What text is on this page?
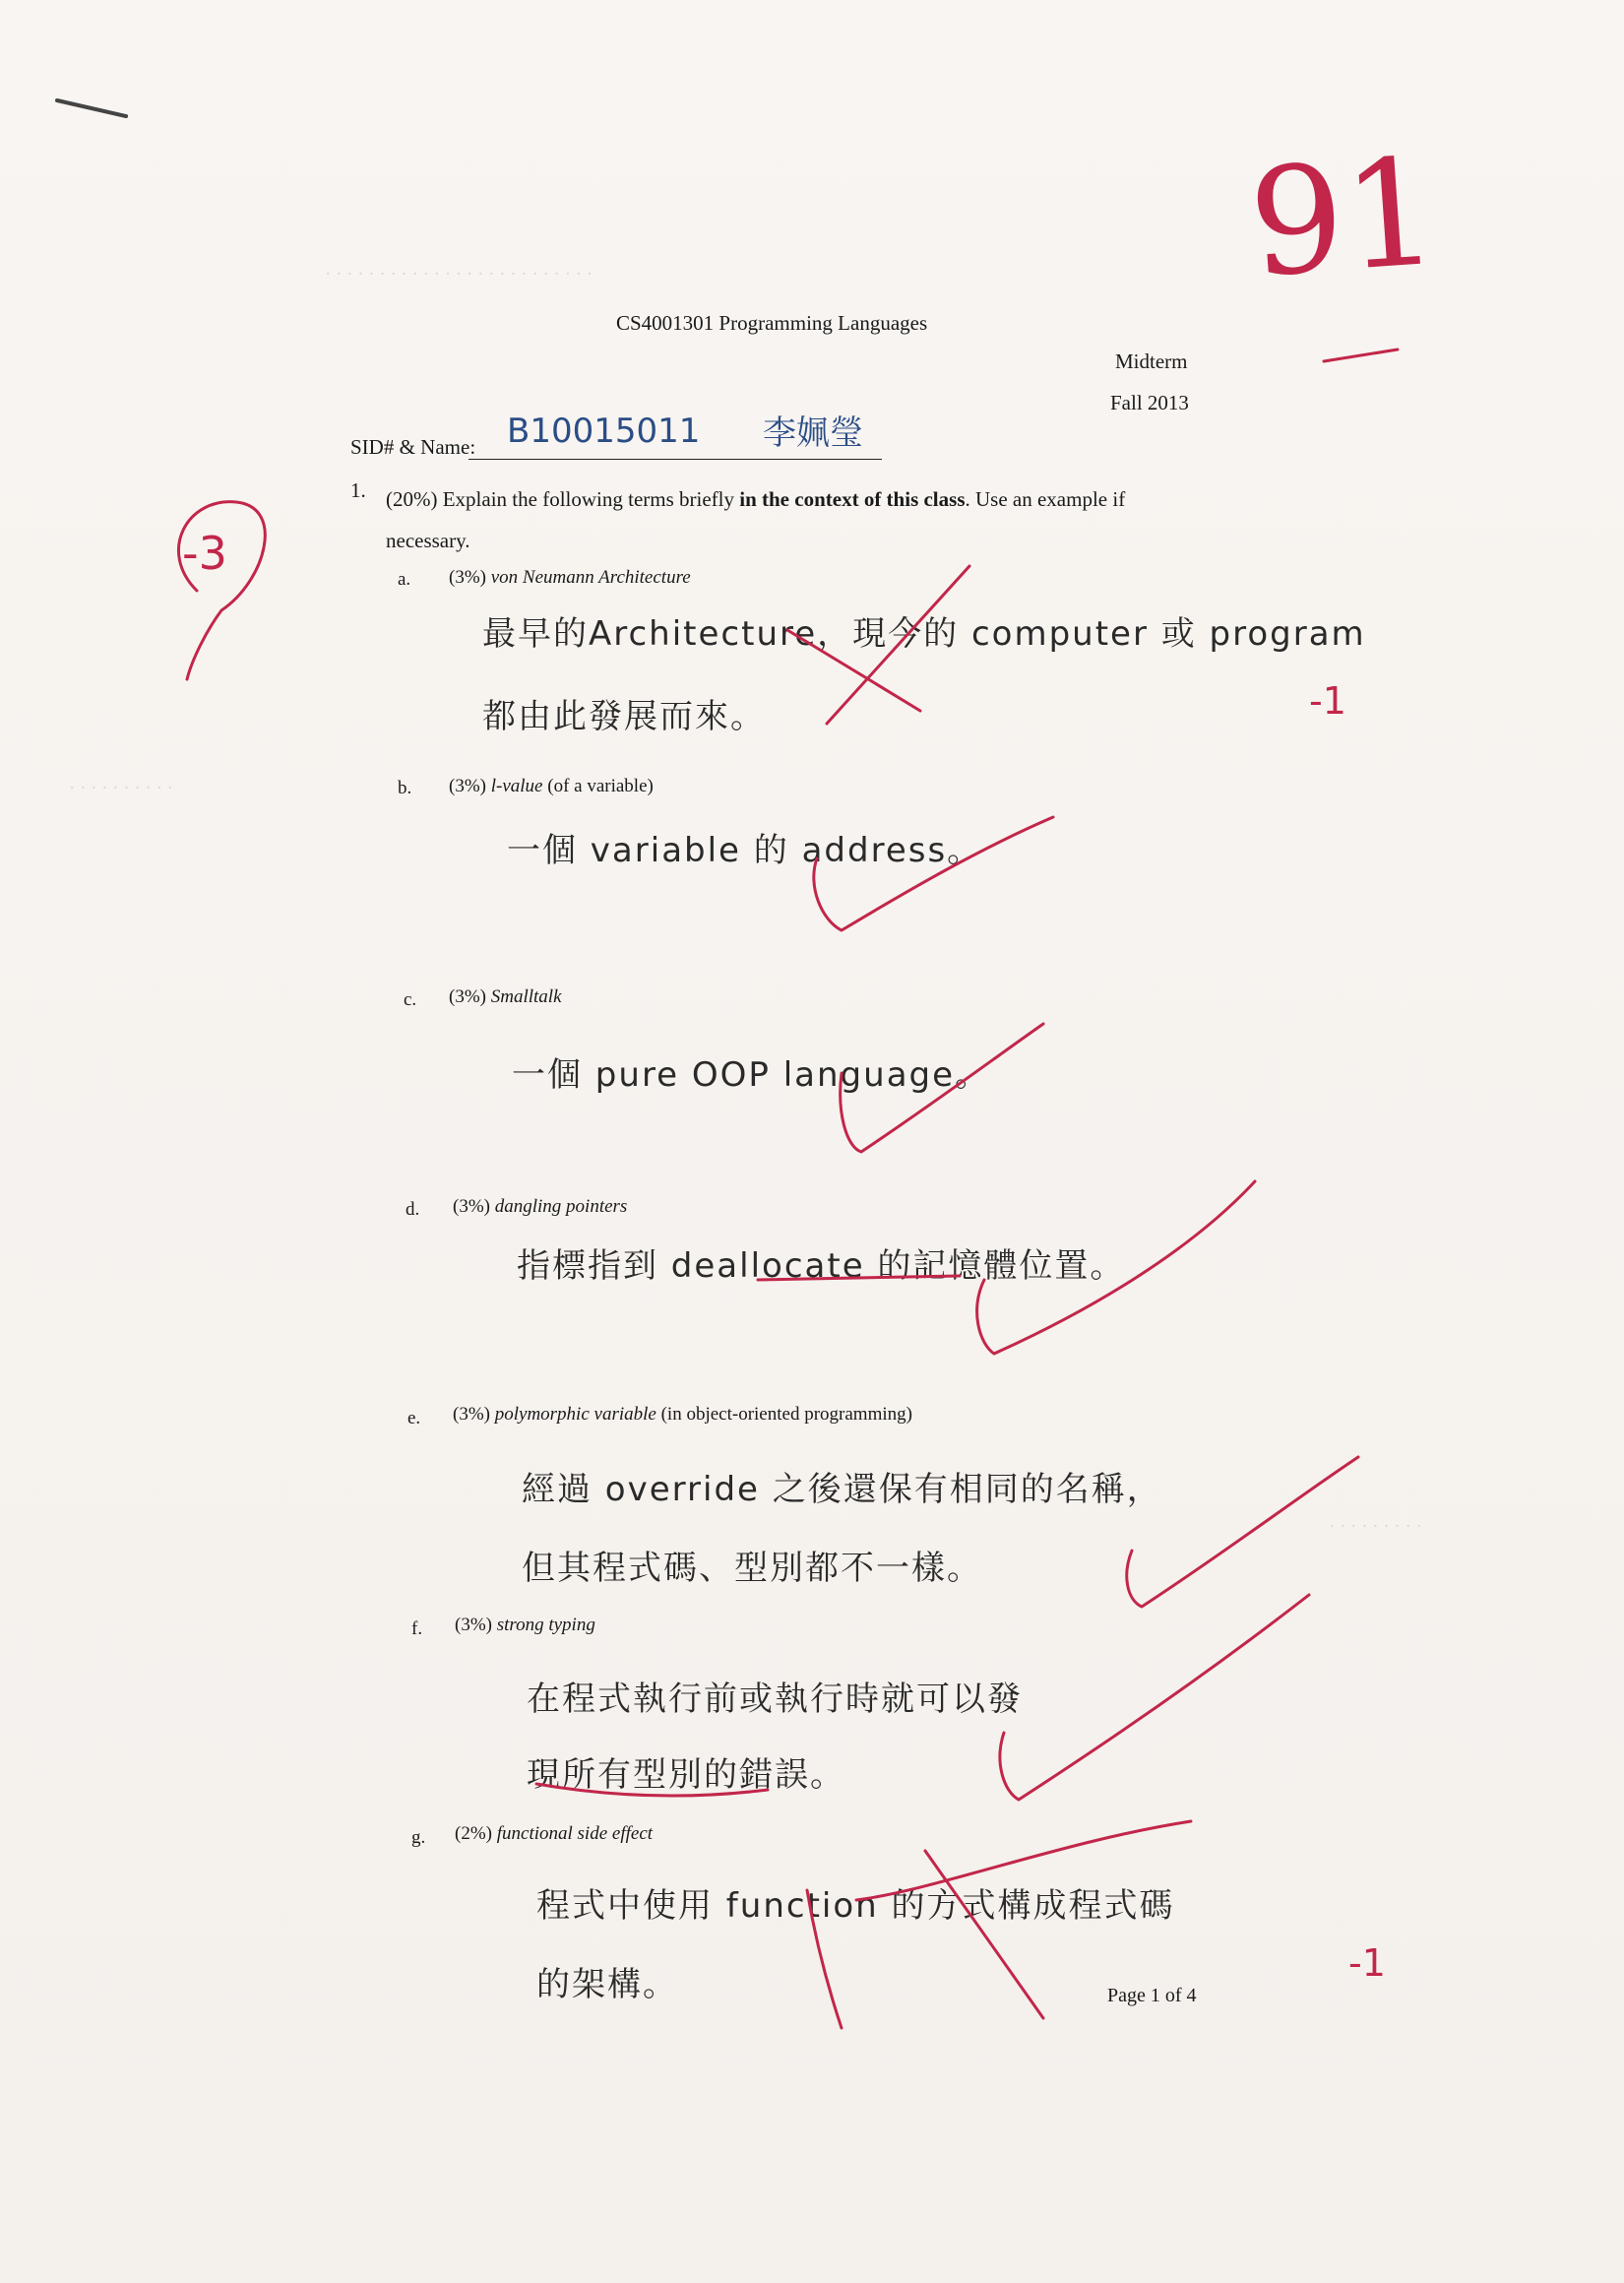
· · · · · · · · · · · · · · · · · · · · · · · · ·
· · · · · · · · · ·
· · · · · · · · ·
CS4001301 Programming Languages
Midterm
Fall 2013
SID# & Name: B10015011 李姵瑩
1. (20%) Explain the following terms briefly in the context of this class. Use an example if necessary.
a. (3%) von Neumann Architecture
最早的Architecture，現今的 computer 或 program
都由此發展而來。	-1
b. (3%) l-value (of a variable)
一個 variable 的 address。
c. (3%) Smalltalk
一個 pure OOP language。
d. (3%) dangling pointers
指標指到 deallocate 的記憶體位置。
e. (3%) polymorphic variable (in object-oriented programming)
經過 override 之後還保有相同的名稱，
但其程式碼、型別都不一樣。
f. (3%) strong typing
在程式執行前或執行時就可以發
現所有型別的錯誤。
g. (2%) functional side effect
程式中使用 function 的方式構成程式碼
的架構。	-1
Page 1 of 4
91
-3
